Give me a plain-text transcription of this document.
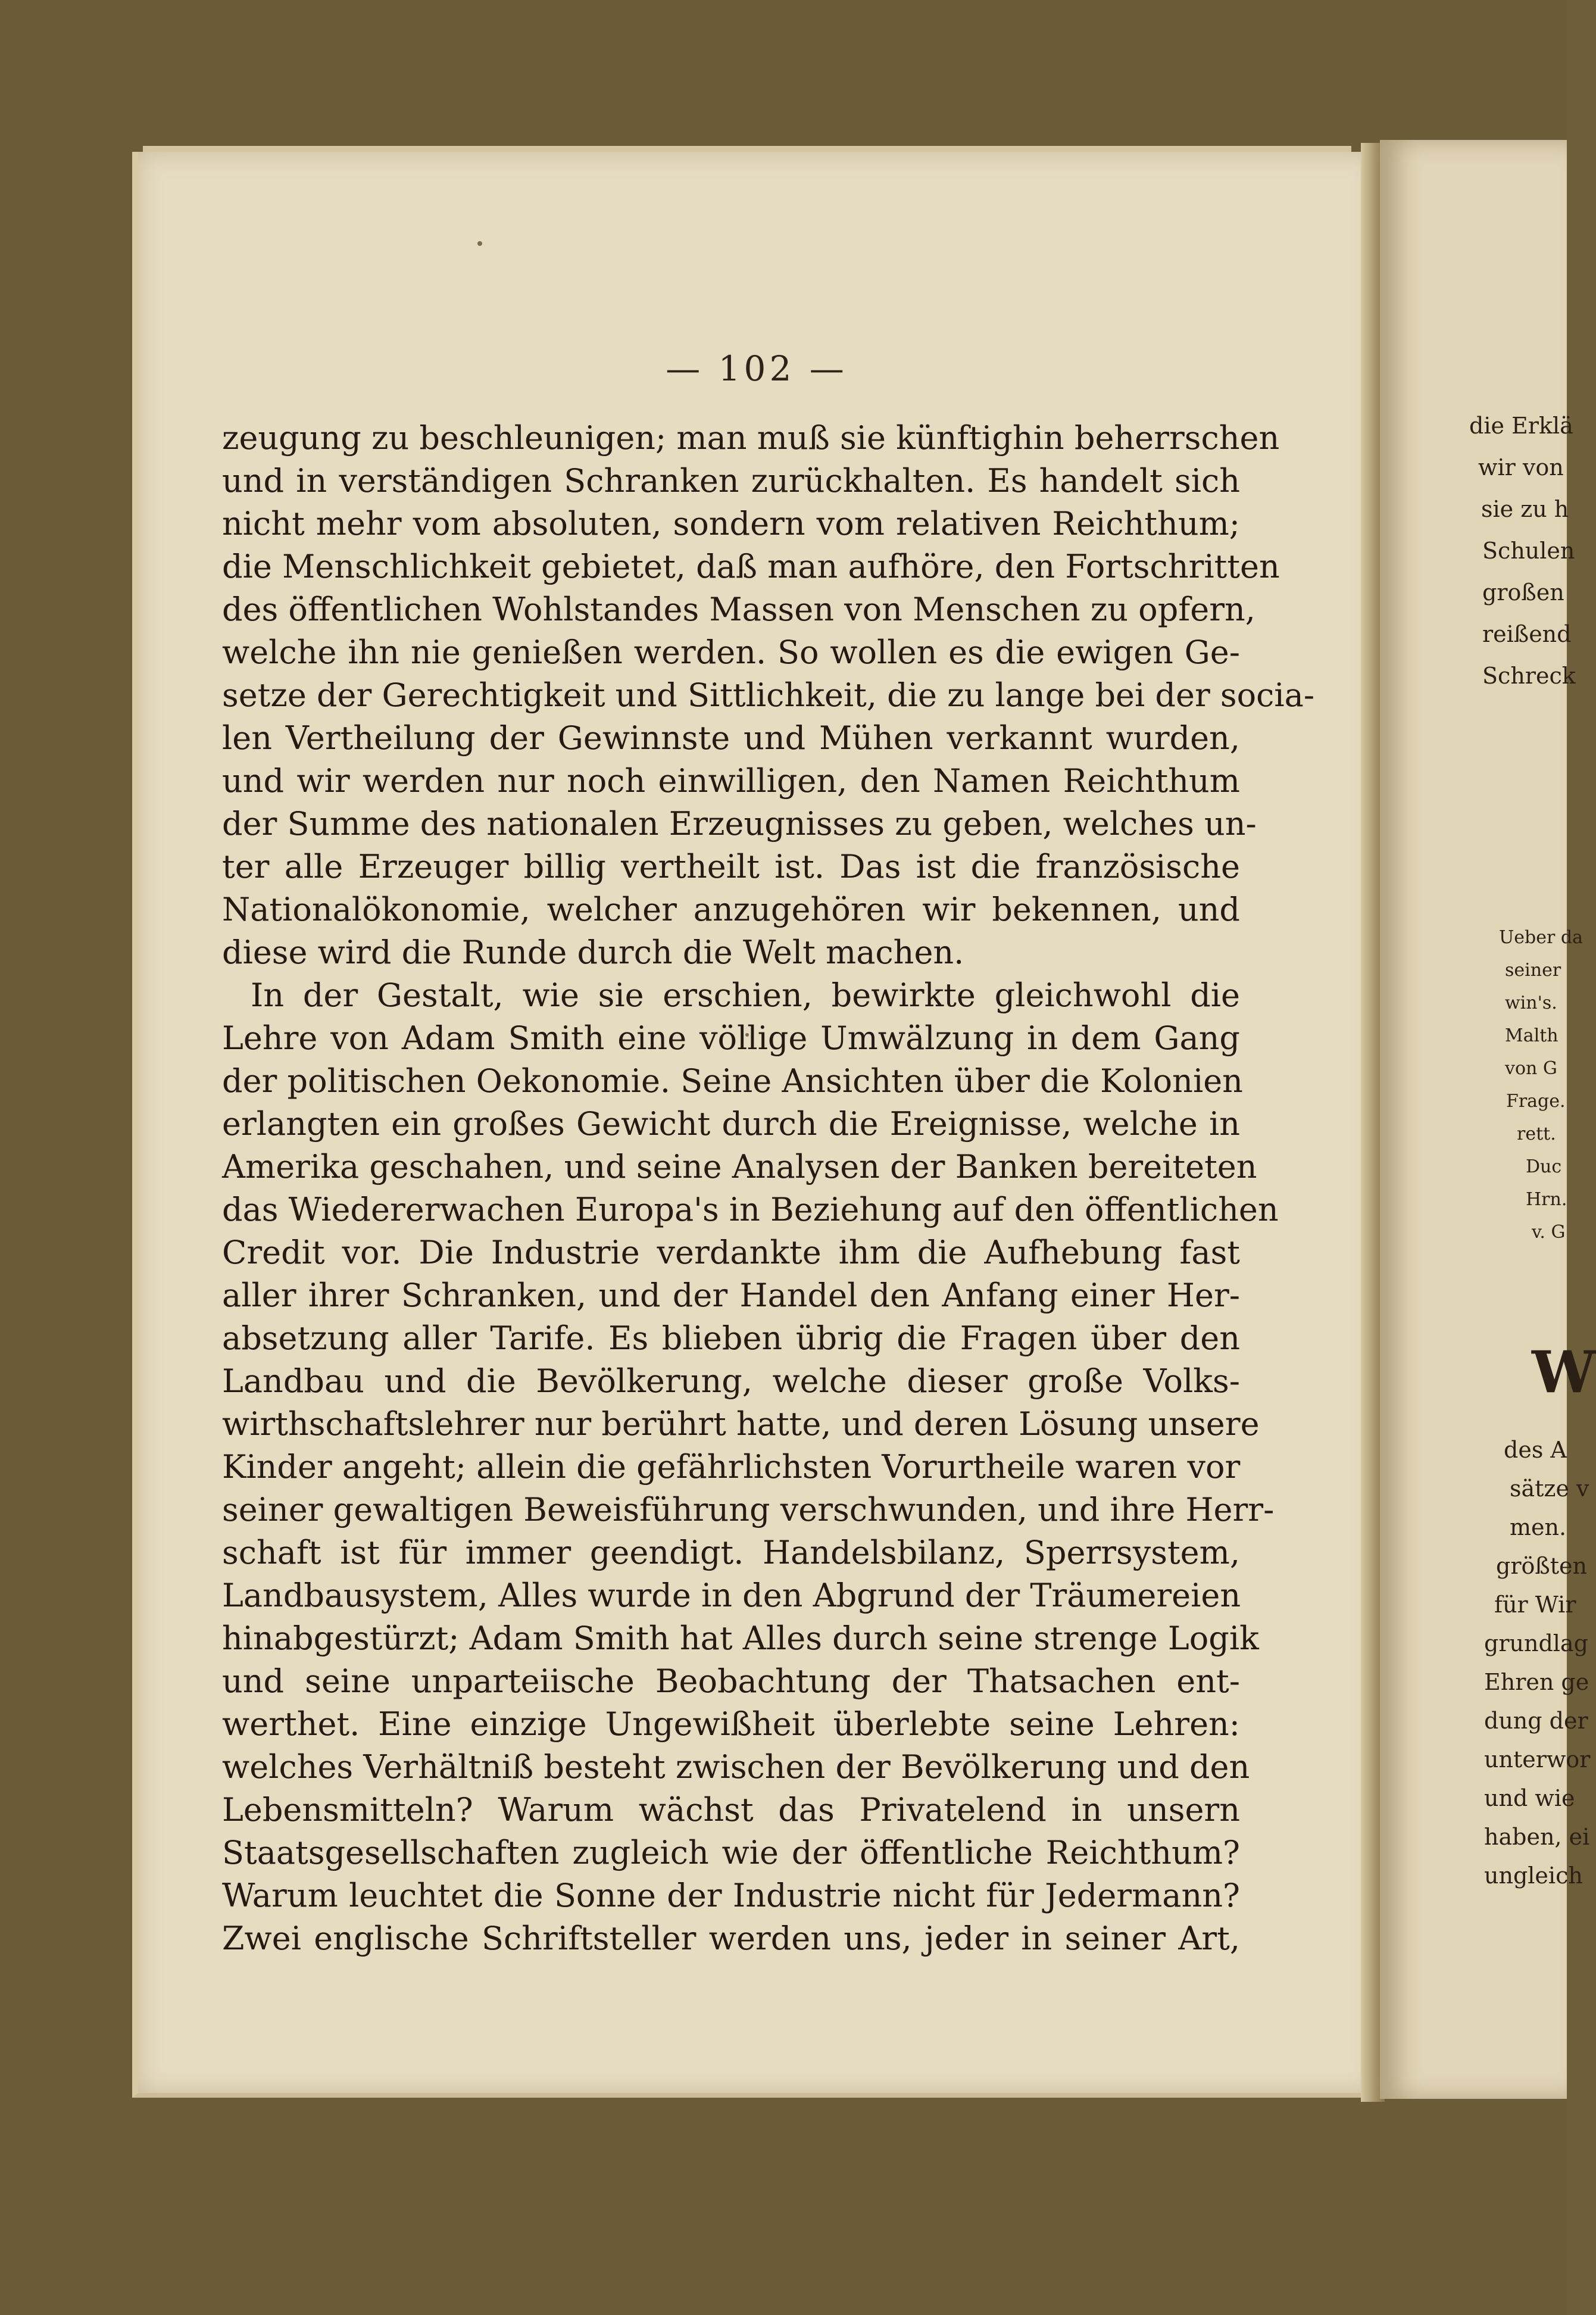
— 102 —
zeugung zu beschleunigen; man muß sie künftighin beherrschen
und in verständigen Schranken zurückhalten. Es handelt sich
nicht mehr vom absoluten, sondern vom relativen Reichthum;
die Menschlichkeit gebietet, daß man aufhöre, den Fortschritten
des öffentlichen Wohlstandes Massen von Menschen zu opfern,
welche ihn nie genießen werden. So wollen es die ewigen Ge-
setze der Gerechtigkeit und Sittlichkeit, die zu lange bei der socia-
len Vertheilung der Gewinnste und Mühen verkannt wurden,
und wir werden nur noch einwilligen, den Namen Reichthum
der Summe des nationalen Erzeugnisses zu geben, welches un-
ter alle Erzeuger billig vertheilt ist. Das ist die französische
Nationalökonomie, welcher anzugehören wir bekennen, und
diese wird die Runde durch die Welt machen.
In der Gestalt, wie sie erschien, bewirkte gleichwohl die
Lehre von Adam Smith eine völlige Umwälzung in dem Gang
der politischen Oekonomie. Seine Ansichten über die Kolonien
erlangten ein großes Gewicht durch die Ereignisse, welche in
Amerika geschahen, und seine Analysen der Banken bereiteten
das Wiedererwachen Europa's in Beziehung auf den öffentlichen
Credit vor. Die Industrie verdankte ihm die Aufhebung fast
aller ihrer Schranken, und der Handel den Anfang einer Her-
absetzung aller Tarife. Es blieben übrig die Fragen über den
Landbau und die Bevölkerung, welche dieser große Volks-
wirthschaftslehrer nur berührt hatte, und deren Lösung unsere
Kinder angeht; allein die gefährlichsten Vorurtheile waren vor
seiner gewaltigen Beweisführung verschwunden, und ihre Herr-
schaft ist für immer geendigt. Handelsbilanz, Sperrsystem,
Landbausystem, Alles wurde in den Abgrund der Träumereien
hinabgestürzt; Adam Smith hat Alles durch seine strenge Logik
und seine unparteiische Beobachtung der Thatsachen ent-
werthet. Eine einzige Ungewißheit überlebte seine Lehren:
welches Verhältniß besteht zwischen der Bevölkerung und den
Lebensmitteln? Warum wächst das Privatelend in unsern
Staatsgesellschaften zugleich wie der öffentliche Reichthum?
Warum leuchtet die Sonne der Industrie nicht für Jedermann?
Zwei englische Schriftsteller werden uns, jeder in seiner Art,
die Erklä
wir von
sie zu h
Schulen
großen
reißend
Schreck
Ueber da
seiner
win's.
Malth
von G
Frage.
rett.
Duc
Hrn.
v. G
W
des A
sätze v
men.
größten
für Wir
grundlag
Ehren ge
dung der
unterwor
und wie
haben, ei
ungleich
